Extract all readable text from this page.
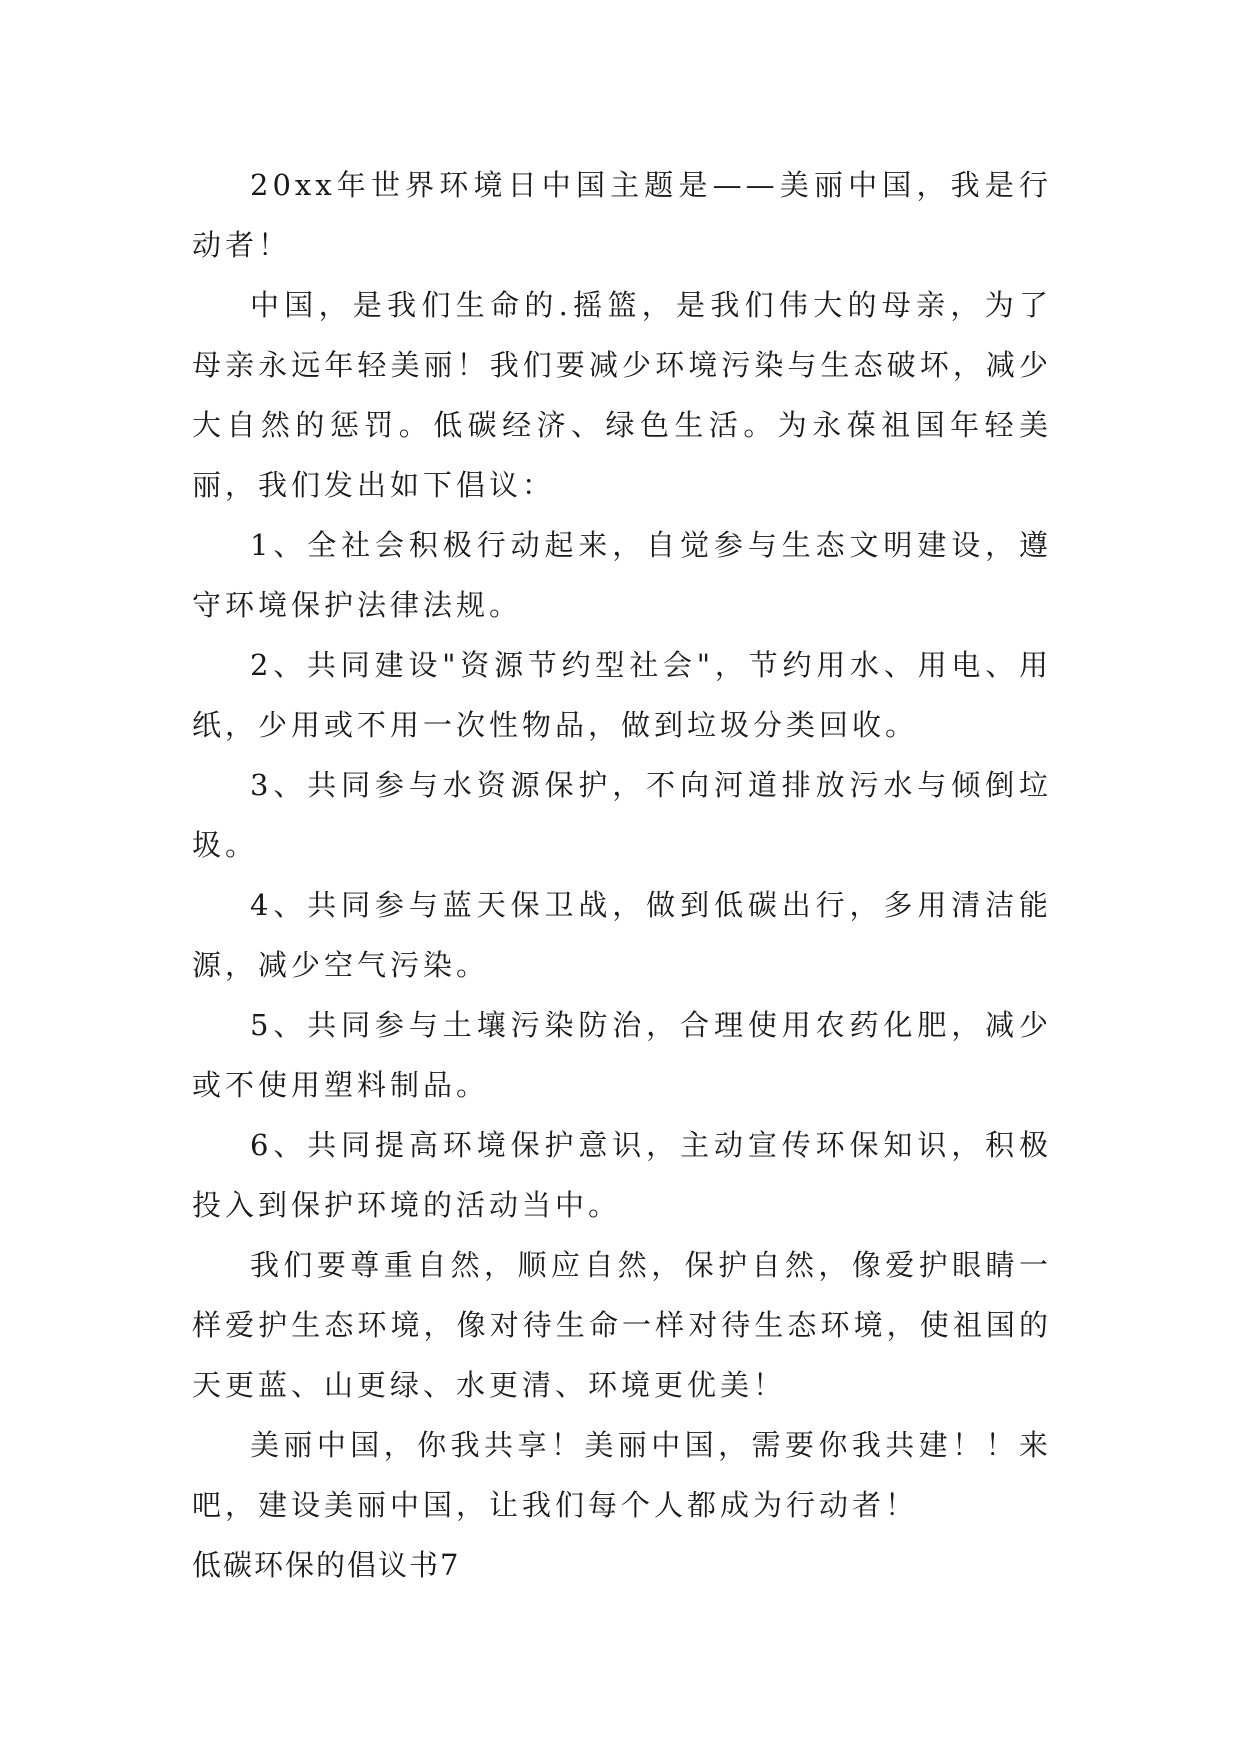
20xx年世界环境日中国主题是——美丽中国，我是行动者！

中国，是我们生命的.摇篮，是我们伟大的母亲，为了母亲永远年轻美丽！我们要减少环境污染与生态破坏，减少大自然的惩罚。低碳经济、绿色生活。为永葆祖国年轻美丽，我们发出如下倡议：

1、全社会积极行动起来，自觉参与生态文明建设，遵守环境保护法律法规。

2、共同建设"资源节约型社会"，节约用水、用电、用纸，少用或不用一次性物品，做到垃圾分类回收。

3、共同参与水资源保护，不向河道排放污水与倾倒垃圾。

4、共同参与蓝天保卫战，做到低碳出行，多用清洁能源，减少空气污染。

5、共同参与土壤污染防治，合理使用农药化肥，减少或不使用塑料制品。

6、共同提高环境保护意识，主动宣传环保知识，积极投入到保护环境的活动当中。

我们要尊重自然，顺应自然，保护自然，像爱护眼睛一样爱护生态环境，像对待生命一样对待生态环境，使祖国的天更蓝、山更绿、水更清、环境更优美！

美丽中国，你我共享！美丽中国，需要你我共建！！来吧，建设美丽中国，让我们每个人都成为行动者！

低碳环保的倡议书7
